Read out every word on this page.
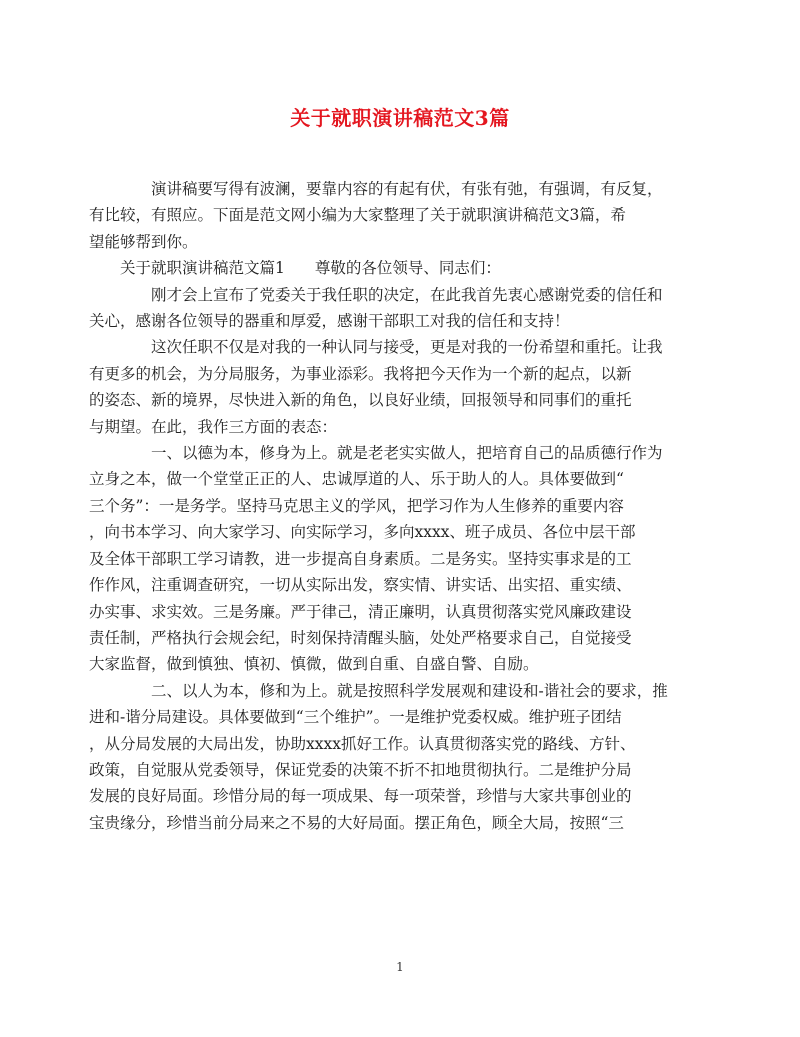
关于就职演讲稿范文3篇

演讲稿要写得有波澜，要靠内容的有起有伏，有张有弛，有强调，有反复，
有比较，有照应。下面是范文网小编为大家整理了关于就职演讲稿范文3篇，希
望能够帮到你。

关于就职演讲稿范文篇1 尊敬的各位领导、同志们：

刚才会上宣布了党委关于我任职的决定，在此我首先衷心感谢党委的信任和
关心，感谢各位领导的器重和厚爱，感谢干部职工对我的信任和支持！

这次任职不仅是对我的一种认同与接受，更是对我的一份希望和重托。让我
有更多的机会，为分局服务，为事业添彩。我将把今天作为一个新的起点，以新
的姿态、新的境界，尽快进入新的角色，以良好业绩，回报领导和同事们的重托
与期望。在此，我作三方面的表态：

一、以德为本，修身为上。就是老老实实做人，把培育自己的品质德行作为
立身之本，做一个堂堂正正的人、忠诚厚道的人、乐于助人的人。具体要做到“
三个务”：一是务学。坚持马克思主义的学风，把学习作为人生修养的重要内容
，向书本学习、向大家学习、向实际学习，多向xxxx、班子成员、各位中层干部
及全体干部职工学习请教，进一步提高自身素质。二是务实。坚持实事求是的工
作作风，注重调查研究，一切从实际出发，察实情、讲实话、出实招、重实绩、
办实事、求实效。三是务廉。严于律己，清正廉明，认真贯彻落实党风廉政建设
责任制，严格执行会规会纪，时刻保持清醒头脑，处处严格要求自己，自觉接受
大家监督，做到慎独、慎初、慎微，做到自重、自盛自警、自励。

二、以人为本，修和为上。就是按照科学发展观和建设和-谐社会的要求，推
进和-谐分局建设。具体要做到“三个维护”。一是维护党委权威。维护班子团结
，从分局发展的大局出发，协助xxxx抓好工作。认真贯彻落实党的路线、方针、
政策，自觉服从党委领导，保证党委的决策不折不扣地贯彻执行。二是维护分局
发展的良好局面。珍惜分局的每一项成果、每一项荣誉，珍惜与大家共事创业的
宝贵缘分，珍惜当前分局来之不易的大好局面。摆正角色，顾全大局，按照“三

1
